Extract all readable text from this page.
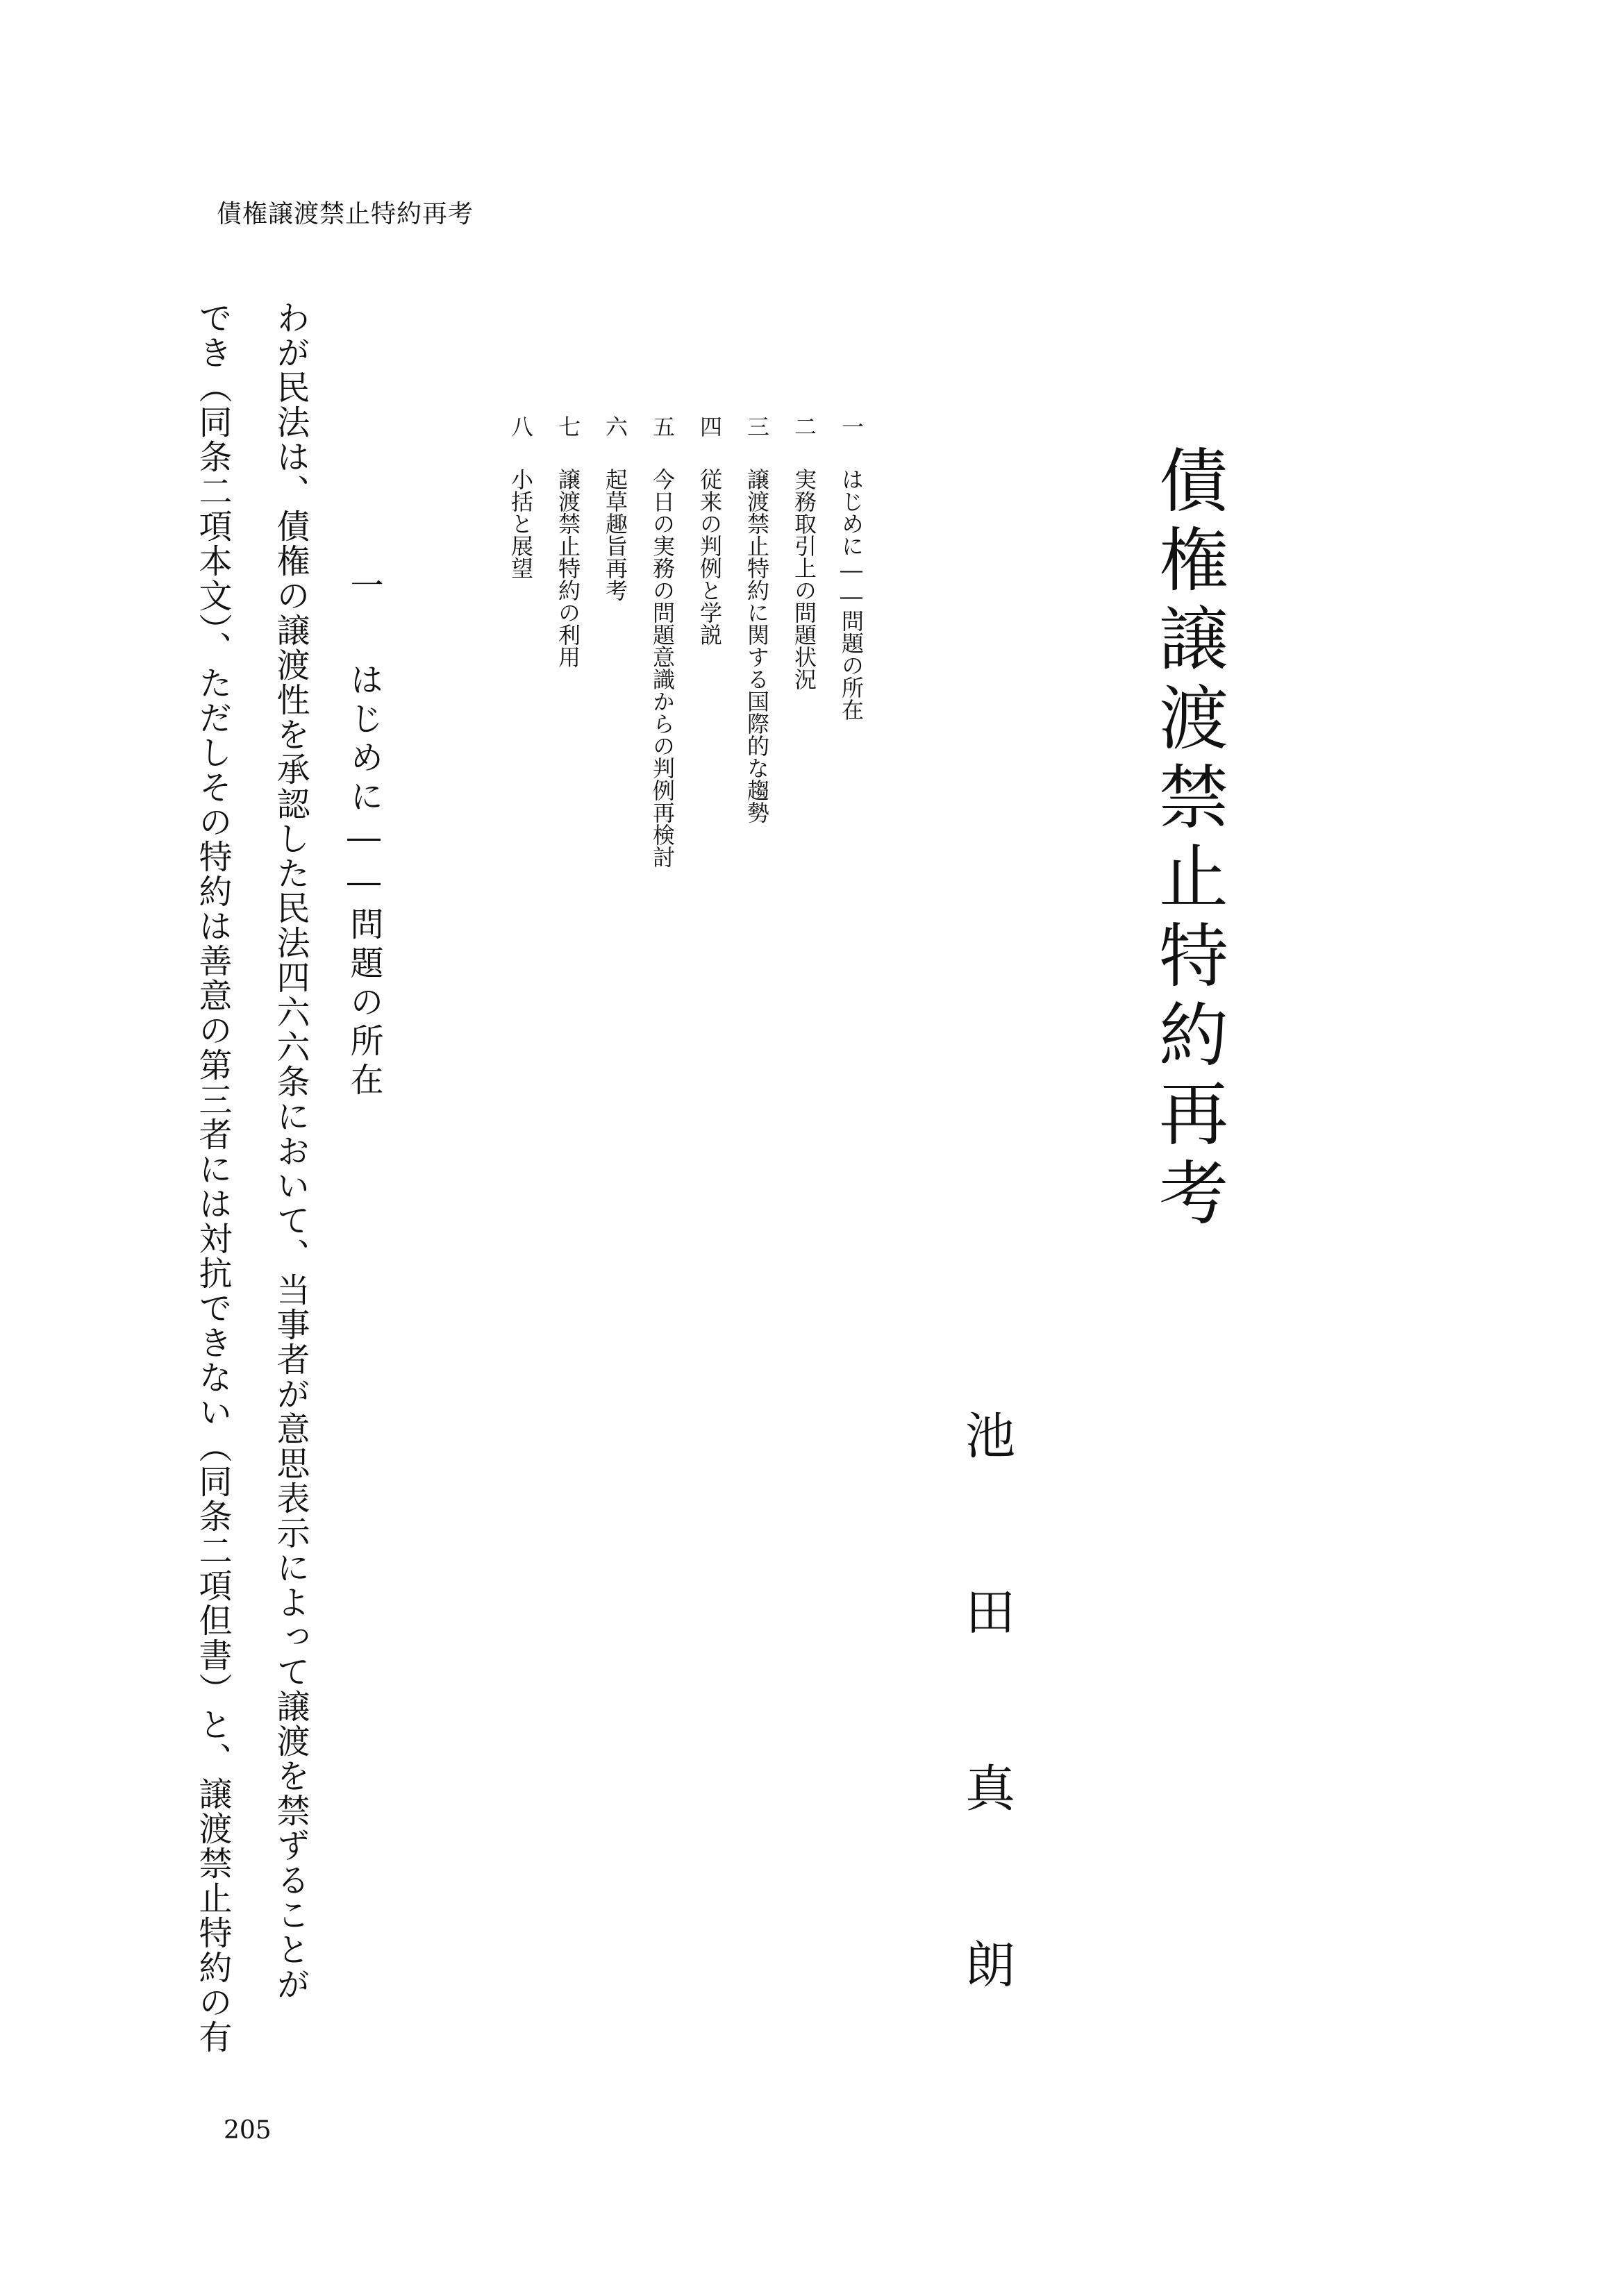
債権譲渡禁止特約再考
債権譲渡禁止特約再考
池田真朗
一はじめに――問題の所在
二実務取引上の問題状況
三譲渡禁止特約に関する国際的な趨勢
四従来の判例と学説
五今日の実務の問題意識からの判例再検討
六起草趣旨再考
七譲渡禁止特約の利用
八小括と展望
一はじめに――問題の所在
わが民法は、債権の譲渡性を承認した民法四六六条において、当事者が意思表示によって譲渡を禁ずることが
でき（同条二項本文）、ただしその特約は善意の第三者には対抗できない（同条二項但書）と、譲渡禁止特約の有
205
